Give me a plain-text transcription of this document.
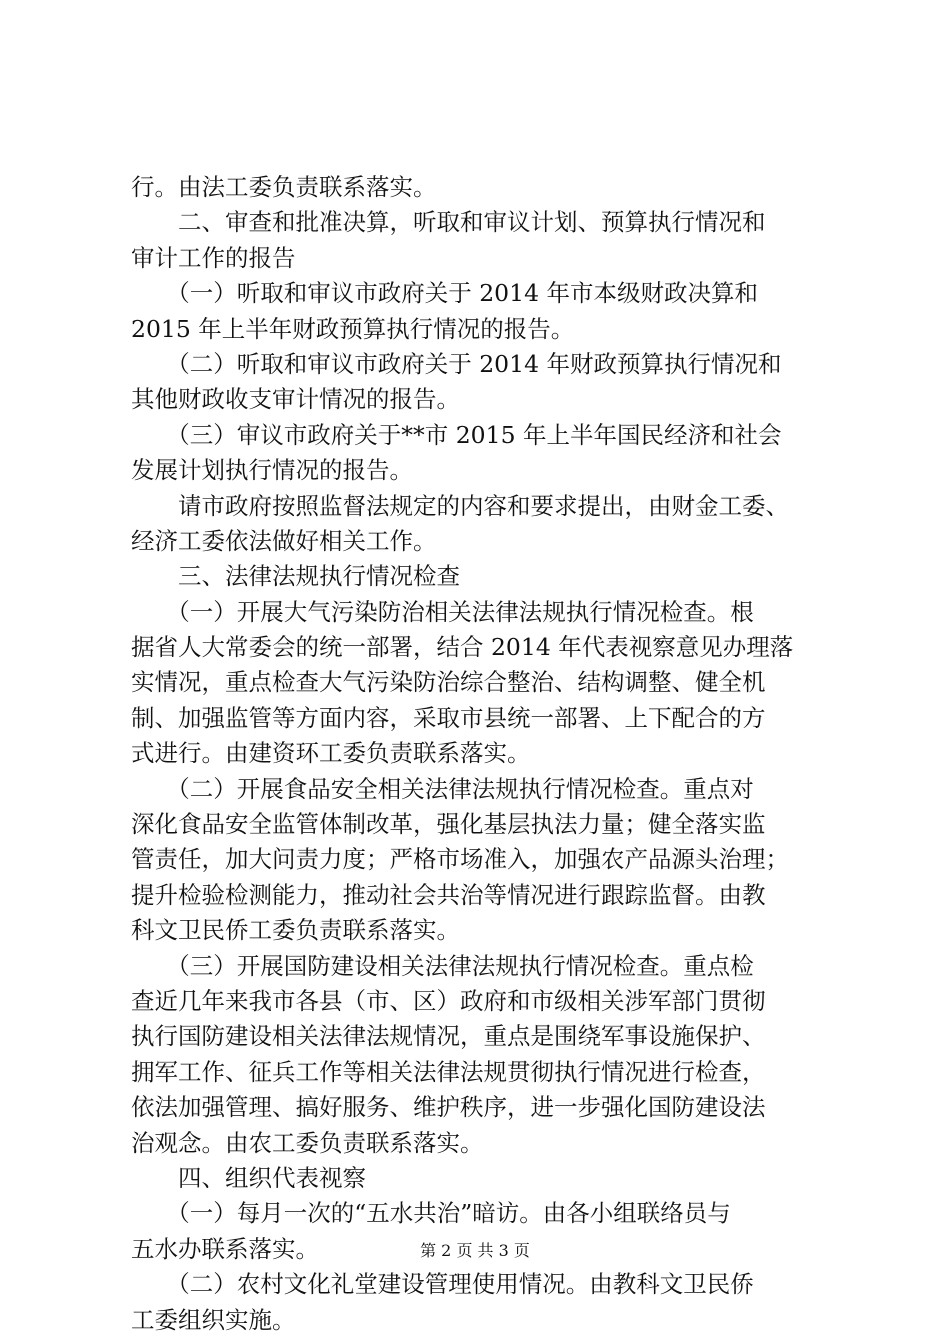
行。由法工委负责联系落实。
　　二、审查和批准决算，听取和审议计划、预算执行情况和
审计工作的报告
　　（一）听取和审议市政府关于 2014 年市本级财政决算和
2015 年上半年财政预算执行情况的报告。
　　（二）听取和审议市政府关于 2014 年财政预算执行情况和
其他财政收支审计情况的报告。
　　（三）审议市政府关于**市 2015 年上半年国民经济和社会
发展计划执行情况的报告。
　　请市政府按照监督法规定的内容和要求提出，由财金工委、
经济工委依法做好相关工作。
　　三、法律法规执行情况检查
　　（一）开展大气污染防治相关法律法规执行情况检查。根
据省人大常委会的统一部署，结合 2014 年代表视察意见办理落
实情况，重点检查大气污染防治综合整治、结构调整、健全机
制、加强监管等方面内容，采取市县统一部署、上下配合的方
式进行。由建资环工委负责联系落实。
　　（二）开展食品安全相关法律法规执行情况检查。重点对
深化食品安全监管体制改革，强化基层执法力量；健全落实监
管责任，加大问责力度；严格市场准入，加强农产品源头治理；
提升检验检测能力，推动社会共治等情况进行跟踪监督。由教
科文卫民侨工委负责联系落实。
　　（三）开展国防建设相关法律法规执行情况检查。重点检
查近几年来我市各县（市、区）政府和市级相关涉军部门贯彻
执行国防建设相关法律法规情况，重点是围绕军事设施保护、
拥军工作、征兵工作等相关法律法规贯彻执行情况进行检查，
依法加强管理、搞好服务、维护秩序，进一步强化国防建设法
治观念。由农工委负责联系落实。
　　四、组织代表视察
　　（一）每月一次的“五水共治”暗访。由各小组联络员与
五水办联系落实。
　　（二）农村文化礼堂建设管理使用情况。由教科文卫民侨
工委组织实施。
第 2 页 共 3 页
